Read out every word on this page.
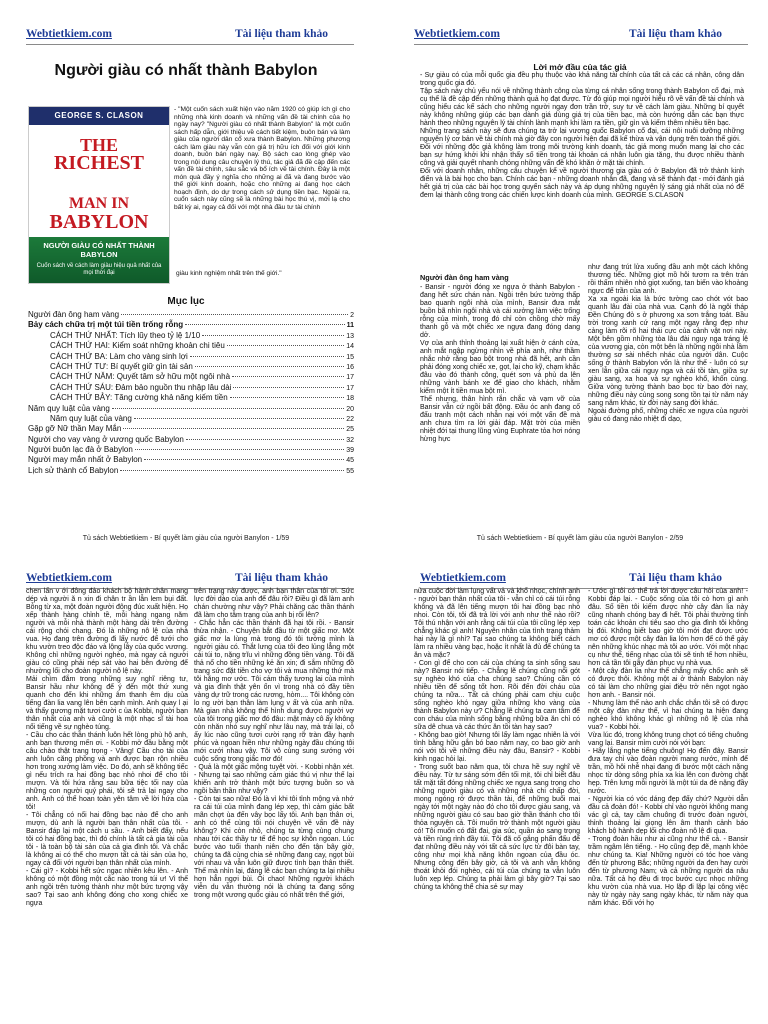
Webtietkiem.com	Tài liệu tham khảo
Người giàu có nhất thành Babylon
GEORGE S. CLASON
THE
RICHEST
MAN IN
BABYLON
NGƯỜI GIÀU CÓ NHẤT THÀNH BABYLON
Cuốn sách về cách làm giàu hiệu quả nhất của mọi thời đại
- "Một cuốn sách xuất hiện vào năm 1920 có giúp ích gì cho những nhà kinh doanh và những vấn đề tài chính của họ ngày nay? "Người giàu có nhất thành Babylon" là một cuốn sách hấp dẫn, giới thiệu về cách tiết kiệm, buôn bán và làm giàu của người dân cổ xưa thành Babylon. Những phương cách làm giàu này vẫn còn giá trị hữu ích đối với giới kinh doanh, buôn bán ngày nay. Bộ sách cao lòng ghép vào trong nội dung câu chuyện lý thú, tác giả đã đề cập đến các vấn đề tài chính, sâu sắc và bổ ích về tài chính. Đây là một món quà đầy ý nghĩa cho những ai đã và đang bước vào thế giới kinh doanh, hoặc cho những ai đang học cách hoạch định, do dự trong cách sử dụng tiền bạc. Ngoài ra, cuốn sách này cũng sẽ là những bài học thú vị, mới lạ cho bất kỳ ai, ngay cả đối với một nhà đầu tư tài chính
giàu kinh nghiệm nhất trên thế giới."
Mục lục
Người đàn ông ham vàng	2
Bảy cách chữa trị một túi tiền trống rỗng	11
CÁCH THỨ NHẤT: Tích lũy theo tỷ lệ 1/10	13
CÁCH THỨ HAI: Kiểm soát những khoản chi tiêu	14
CÁCH THỨ BA: Làm cho vàng sinh lợi	15
CÁCH THỨ TƯ: Bí quyết giữ gìn tài sản	16
CÁCH THỨ NĂM: Quyết tâm sở hữu một ngôi nhà	17
CÁCH THỨ SÁU: Đảm bảo nguồn thu nhập lâu dài	17
CÁCH THỨ BẢY: Tăng cường khả năng kiếm tiền	18
Năm quy luật của vàng	20
Năm quy luật của vàng	22
Gặp gỡ Nữ thần May Mắn	25
Người cho vay vàng ở vương quốc Babylon	32
Người buôn lạc đà ở Babylon	39
Người may mắn nhất ở Babylon	45
Lịch sử thành cổ Babylon	55
Tủ sách Webtietkiem - Bí quyết làm giàu của người Banylon - 1/59
Webtietkiem.com	Tài liệu tham khảo
Lời mở đầu của tác giả

- Sự giàu có của mỗi quốc gia đều phụ thuộc vào khả năng tài chính của tất cả các cá nhân, công dân trong quốc gia đó.

Tập sách này chủ yếu nói về những thành công của từng cá nhân sống trong thành Babylon cổ đại, mà cụ thể là đề cập đến những thành quả họ đạt được. Từ đó giúp mọi người hiểu rõ về vấn đề tài chính và cũng hiểu các kế sách cho những người ngay đơn trần trở, suy tư về cách làm giàu. Những bí quyết này không những giúp các bạn dành giá dùng giá trị của tiền bạc, mà còn hướng dẫn các bạn thực hành theo những nguyên lý tài chính lành mạnh khi làm ra tiền, giữ gìn và kiếm thêm nhiều tiền bạc.

Những trang sách này sẽ đưa chúng ta trở lại vương quốc Babylon cổ đại, cái nôi nuôi dưỡng những nguyên lý cơ bản về tài chính mà giờ đây con người hiện đại đã kế thừa và vận dụng trên toàn thế giới.

Đối với những độc giả không làm trong môi trường kinh doanh, tác giả mong muốn mang lại cho các bạn sự hứng khởi khi nhận thấy số tiền trong tài khoản cá nhân luôn gia tăng, thu được nhiều thành công và giải quyết nhanh chóng những vấn đề khó khăn ở mặt tài chính.

Đối với doanh nhân, những câu chuyện kể về người thương gia giàu có ở Babylon đã trở thành kinh điển và là bài học cho bạn. Chính các bạn - những doanh nhân đã, đang và sẽ thành đạt - mới đánh giá hết giá trị của các bài học trong quyển sách này và áp dụng những nguyên lý sáng giá nhất của nó để đem lại thành công trong các chiến lược kinh doanh của mình. GEORGE S.CLASON

Người đàn ông ham vàng

- Bansir - người đóng xe ngựa ở thành Babylon - đang hết sức chán nản. Ngồi trên bức tường thấp bao quanh ngôi nhà của mình, Bansir đưa mắt buồn bã nhìn ngôi nhà và cái xưởng làm việc trống rỗng của mình, trong đó chỉ còn chồng chờ mấy thanh gỗ và một chiếc xe ngựa đang đóng dang dở.

Vợ của anh thỉnh thoảng lại xuất hiện ở cánh cửa, anh mắt ngập ngừng nhìn về phía anh, như thầm nhắc nhở rằng bao bột trong nhà đã hết, anh cần phải đóng xong chiếc xe, gọt, lại cho kỹ, chạm khắc đâu vào đó thành công, quét sơn và phủ da lên những vành bánh xe để giao cho khách, nhằm kiếm một ít tiền mua bột mì.

Thế nhưng, thân hình rắn chắc và vạm vỡ của Bansir vẫn cứ ngồi bất động. Đầu óc anh đang cố đấu tranh một cách nhẫn nại với một vấn đề mà anh chưa tìm ra lời giải đáp. Mặt trời của miền nhiệt đới tại thung lũng vùng Euphrate tỏa hơi nóng hừng hực

như đang trút lửa xuống đầu anh một cách không thương tiếc. Những giọt mồ hôi tươm ra trên trán rồi thấm nhiên nhỏ giọt xuống, tan biến vào khoảng ngực để trần của anh.

Xa xa ngoài kia là bức tường cao chót vót bao quanh lâu đài của nhà vua. Cạnh đó là ngôi tháp Đền Chúng đỏ s ở phương xa sơn trắng toát. Bầu trời trong xanh cứ rạng một ngay rằng đẹp như cảng làm rõi rõ hai thái cực của cảnh vật nơi này. Một bên gồm những tòa lâu đài nguy nga tráng lệ của vương gia, còn một bên là những ngôi nhà lầm thường sơ sài nhếch nhác của người dân. Cuộc sống ở thành Babylon vốn là như thế - luôn có sự xen lẫn giữa cái nguy nga và cái tồi tàn, giữa sự giàu sang, xa hoa và sự nghèo khổ, khốn cùng. Giữa vòng tường thành bao bọc từ bao đời nay, những điều này cùng song song tồn tại từ năm này sang năm khác, từ đời này sang đời khác.

Ngoài đường phố, những chiếc xe ngựa của người giàu có đang nảo nhiệt đi dạo,

Tủ sách Webtietkiem - Bí quyết làm giàu của người Banylon - 2/59
Webtietkiem.com	Tài liệu tham khảo

chen lấn v ới đông đảo khách bộ hành chân mang dép và người ă n xin đi chân tr ần lẫn lem bụi đất. Bỗng từ xa, một đoàn người đông đúc xuất hiện. Họ xếp thành hàng chỉnh tề, mỗi hàng ngang năm người và mỗi nhà thành một hàng dài trên đường cái rộng chói chang. Đó là những nô lệ của nhà vua. Họ đang trên đường đi lấy nước để tưới cho khu vườn treo độc đáo và lộng lẫy của quốc vương. Không chỉ những người nghèo, mà ngay cả người giàu có cũng phải nép sát vào hai bên đường để nhường lối cho đoàn người nô lệ này.

Mải chìm đắm trong những suy nghĩ riêng tư, Bansir hầu như không để ý đến một thứ xung quanh cho đến khi những âm thanh êm dịu của tiếng đàn lia vang lên bên cạnh mình. Anh quay l ại và thấy gương mặt tươi cười c ủa Kobbi, người bạn thân nhất của anh và cũng là một nhạc sĩ tài hoa nổi tiếng về sự nghèo túng.

- Cầu cho các thần thánh luôn hết lòng phù hộ anh, anh bạn thương mến ơi. - Kobbi mở đầu bằng một câu chào thật trang trọng - Vâng! Cầu cho tài của anh luôn căng phồng và anh được bạn rộn nhiều hơn trong xưởng làm việc. Do đó, anh sẽ không tiếc gì nếu trích ra hai đồng bạc nhỏ nhoi để cho tôi mượn. Và tôi hứa rằng sau bữa tiệc tối nay của những con người quý phái, tôi sẽ trả lại ngay cho anh. Anh có thể hoan toàn yên tâm về lời hứa của tôi!

- Tôi chẳng có nổi hai đồng bạc nào để cho anh mượn, dù anh là người bạn thân nhất của tôi. - Bansir đáp lại một cách u sầu. - Anh biết đấy, nếu tôi có hai đồng bạc, thì đó chính là tất cả gia tài của tôi - là toàn bộ tài sản của cả gia đình tôi. Và chắc là không ai có thể cho mượn tất cả tài sản của họ, ngay cả đối với người bạn thân nhất của mình.

- Cái gì? - Kobbi hết sức ngạc nhiên kêu lên. - Anh không có một đồng một cắc nào trong túi ư! Vì thế anh ngồi trên tường thành như một bức tượng vậy sao? Tại sao anh không đóng cho xong chiếc xe ngựa

trên trạng này được, anh bạn thân của tôi ơi. Sức lực đời dào của anh để đâu rồi? Điều gì đã làm anh chán chường như vậy? Phải chăng các thần thánh đã làm cho tâm trạng của anh bị rối lên?

- Chắc hẳn các thần thánh đã hại tôi rồi. - Bansir thừa nhận. - Chuyện bắt đầu từ một giấc mơ. Một giấc mơ la lùng mà trong đó tôi tưởng mình là người giàu có. Thắt lưng của tôi đeo lủng lẳng một cái túi to, nặng trĩu vì những đồng tiền vàng. Tôi đã thả nổ cho tiền những kẻ ăn xin; đi sắm những đồ trang sức đặt tiền cho vợ tôi và mua những thứ mà tôi hằng mơ ước. Tôi cảm thấy tương lai của mình và gia đình thật yên ổn vì trong nhà có đầy tiền vàng dự trữ trong các rương, hòm.... Tôi không còn lo ng ười bạn thân làm lụng v ất và của anh nữa. Mà gian nhà không thể hình dung được người vợ của tôi trong giấc mơ đó đâu: mặt mày cô ấy không còn nhăn nhó suy nghĩ như lâu nay, mà trái lại, cô ấy lúc nào cũng tươi cười rạng rỡ tràn đầy hạnh phúc và ngoan hiền như những ngày đầu chúng tôi mới cưới nhau vậy. Tôi vô cùng sung sướng với cuộc sống trong giấc mơ đó!

- Quả là một giấc mộng tuyệt vời. - Kobbi nhận xét. - Nhưng tại sao những cảm giác thú vị như thế lại khiến anh trở thành một bức tượng buồn so và ngồi bần thần như vậy?

- Còn tại sao nữa! Đó là vì khi tôi tỉnh mộng và nhớ ra cái túi của mình đang lép xẹp, thì cảm giác bất mãn chợt ùa đến vây bọc lấy tôi. Anh bạn thân ơi, anh có thể cùng tôi nói chuyện về vấn đề này không? Khi còn nhỏ, chúng ta từng cùng chung nhau tới các thầy tư tế để học sự khôn ngoan. Lúc bước vào tuổi thanh niên cho đến tận bây giờ, chúng ta đã cùng chia sẻ những đang cay, ngọt bùi với nhau và vẫn luôn giữ được tình bạn thân thiết. Thế mà nhìn lại, đáng lẽ các bạn chúng ta lại nhiều hơn hẳn ngợi bùi. Ôi chao! Những người khách viễn du vẫn thường nói là chúng ta đang sống trong một vương quốc giàu có nhất trên thế giới,

Webtietkiem.com	Tài liệu tham khảo

nữa cuộc đời làm lụng vất vả và khổ nhọc, chính anh - người bạn thân nhất của tôi - vẫn chỉ có cái túi rỗng không và đã lên tiếng mượn tôi hai đồng bạc nhỏ nhoi. Còn tôi, tôi đã trả lời với anh như thế nào rồi? Tôi thú nhận với anh rằng cái túi của tôi cũng lép xẹp chẳng khác gì anh! Nguyên nhân của tình trạng thảm hại này là gì nhỉ? Tại sao chúng ta không biết cách làm ra nhiều vàng bạc, hoặc ít nhất là đủ để chúng ta ăn và mặc?

- Con gì để cho con cái của chúng ta sinh sống sau này? Bansir nói tiếp. - Chẳng lẽ chúng cũng nối gót sự nghèo khó của cha chúng sao? Chúng cần có nhiều tiền để sống tốt hơn. Rõi đến đời cháu của chúng ta nữa... Tất cả chúng phải cam chịu cuộc sống nghèo khó ngay giữa những kho vàng của thành Babylon này ư? Chẳng lẽ chúng ta cam tâm để con cháu của mình sống bằng những bữa ăn chỉ có sữa dê chua và các thức ăn tồi tàn hay sao?

- Không bao giờ! Nhưng tôi lấy làm ngạc nhiên là với tình bằng hữu gắn bó bao năm nay, co bao giờ anh nói với tôi về những điều này đâu, Bansir? - Kobbi kinh ngạc hỏi lại.

- Trong suốt bao năm qua, tôi chưa hề suy nghĩ về điều này. Từ tư sáng sớm đến tối mịt, tôi chỉ biết đâu tất mặt tất đóng những chiếc xe ngựa sang trọng cho những người giàu có và những nhà chi chấp đời, mong ngóng rớ được thần tài, để những buổi mai ngày tới một ngày nào đó cho tôi được giàu sang, và những người giàu có sau bao giờ thần thánh cho tôi thỏa nguyện cả. Tôi muốn trở thành một người giàu có! Tôi muốn có đất đai, gia súc, quần áo sang trọng và tiền rủng rỉnh đầy túi. Tôi đã cố gắng phấn đấu để đạt những điều này với tất cả sức lực từ đôi bàn tay, công như mọi khả năng khôn ngoan của đầu óc. Nhưng công đến bây giờ, cả tôi và anh vẫn không thoát khỏi đói nghèo, cái túi của chúng ta vẫn luôn luôn xẹp lép. Chúng ta phải làm gì bây giờ? Tại sao chúng ta không thể chia sẻ sự may

- Ước gì tôi có thể trả lời được câu hỏi của anh! - Kobbi đáp lại. - Cuộc sống của tôi cò hơn gì anh đâu. Số tiền tôi kiếm được nhờ cây đàn lia này cũng nhanh chóng bay đi hết. Tôi phải thường tính toán các khoản chi tiêu sao cho gia đình tôi không bị đói. Không biết bao giờ tôi mới đạt được ước mơ có được một cây đàn lia lớn hơn để có thể gảy nên những khúc nhạc mà tôi ao ước. Với một nhạc cụ như thế, tiếng nhạc của tôi sẽ tinh tế hơn nhiều, hơn cả tần tôi gãy đàn phục vụ nhà vua.

- Một cây đàn lia như thế chẳng mấy chốc anh sẽ có được thôi. Không một ai ở thành Babylon này có tài làm cho những giai điệu trở nên ngọt ngào hơn anh. - Bansir nói.

- Nhưng làm thế nào anh chắc chắn tôi sẽ có được một cây đàn như thế, vì hai chúng ta hiện đang nghèo khó không khác gì những nô lệ của nhà vua? - Kobbi hỏi.

Vừa lúc đó, trong không trung chợt có tiếng chuông vang lại. Bansir mỉm cười nói với bạn:

- Hãy lắng nghe tiếng chuông! Họ đến đây. Bansir đưa tay chỉ vào đoàn người mang nước, mình để trần, mồ hôi nhễ nhại đang đi bước một cách nặng nhọc từ dòng sông phía xa kia lên con đường chật hẹp. Trên lưng mỗi người là một túi da đè nặng đầy nước.

- Người kia có vóc dáng đẹp đấy chứ? Người dẫn đầu cả đoàn đó! - Kobbi chỉ vào người không mang vác gì cả, tay cầm chuông đi trước đoàn người, thỉnh thoảng lại giọng lên âm thanh cảnh báo khách bộ hành dẹp lối cho đoàn nô lệ đi qua.

- Trong đoàn hầu như ai cũng như thế cả. - Bansir trầm ngâm lên tiếng. - Họ cũng đẹp đẽ, mạnh khỏe như chúng ta. Kia! Những người có tóc hoe vàng đến từ phương Bắc; những người da đen hay cười đến từ phương Nam; và cả những người da nâu nữa. Tất cả họ đều đi trọc bước cực nhọc những khu vườn của nhà vua. Họ lặp đi lặp lại công việc này từ ngày này sang ngày khác, từ năm này qua năm khác. Đối với họ
